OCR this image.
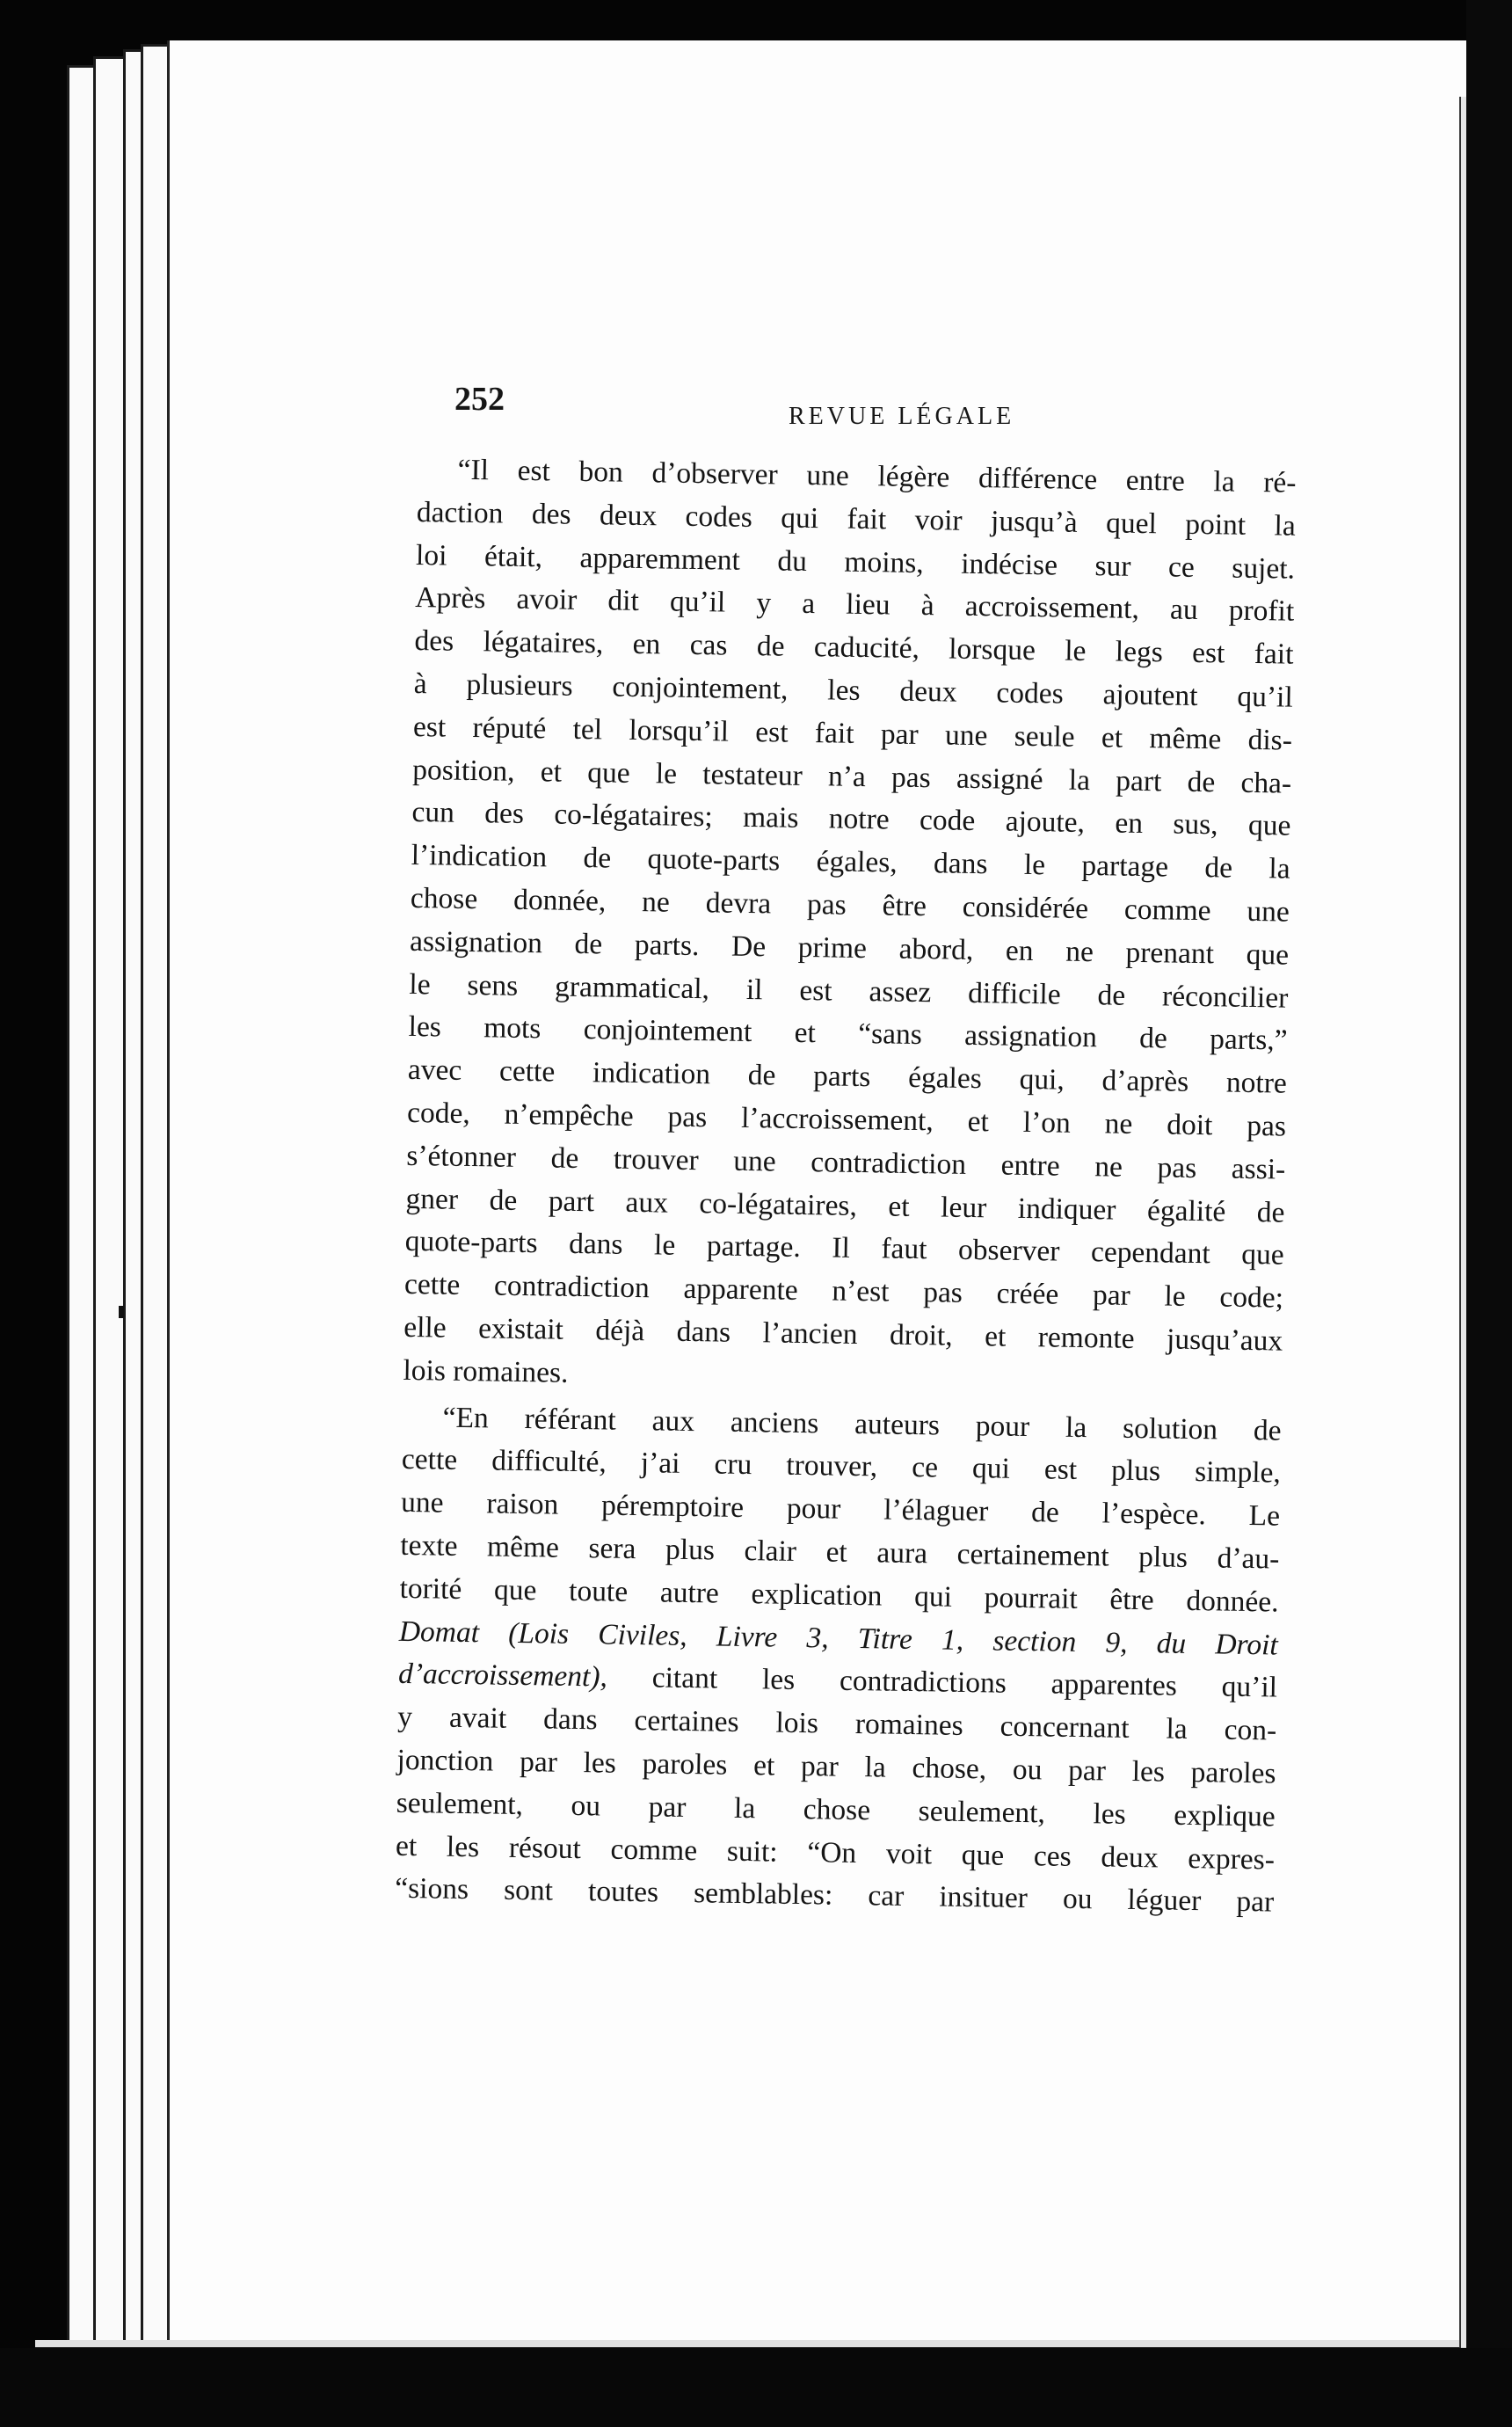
252	REVUE LÉGALE

“Il est bon d’observer une légère différence entre la ré-
daction des deux codes qui fait voir jusqu’à quel point la
loi était, apparemment du moins, indécise sur ce sujet.
Après avoir dit qu’il y a lieu à accroissement, au profit
des légataires, en cas de caducité, lorsque le legs est fait
à plusieurs conjointement, les deux codes ajoutent qu’il
est réputé tel lorsqu’il est fait par une seule et même dis-
position, et que le testateur n’a pas assigné la part de cha-
cun des co-légataires; mais notre code ajoute, en sus, que
l’indication de quote-parts égales, dans le partage de la
chose donnée, ne devra pas être considérée comme une
assignation de parts. De prime abord, en ne prenant que
le sens grammatical, il est assez difficile de réconcilier
les mots conjointement et “sans assignation de parts,”
avec cette indication de parts égales qui, d’après notre
code, n’empêche pas l’accroissement, et l’on ne doit pas
s’étonner de trouver une contradiction entre ne pas assi-
gner de part aux co-légataires, et leur indiquer égalité de
quote-parts dans le partage. Il faut observer cependant que
cette contradiction apparente n’est pas créée par le code;
elle existait déjà dans l’ancien droit, et remonte jusqu’aux
lois romaines.

“En référant aux anciens auteurs pour la solution de
cette difficulté, j’ai cru trouver, ce qui est plus simple,
une raison péremptoire pour l’élaguer de l’espèce. Le
texte même sera plus clair et aura certainement plus d’au-
torité que toute autre explication qui pourrait être donnée.
Domat (Lois Civiles, Livre 3, Titre 1, section 9, du Droit
d’accroissement), citant les contradictions apparentes qu’il
y avait dans certaines lois romaines concernant la con-
jonction par les paroles et par la chose, ou par les paroles
seulement, ou par la chose seulement, les explique
et les résout comme suit: “On voit que ces deux expres-
“sions sont toutes semblables: car insituer ou léguer par
